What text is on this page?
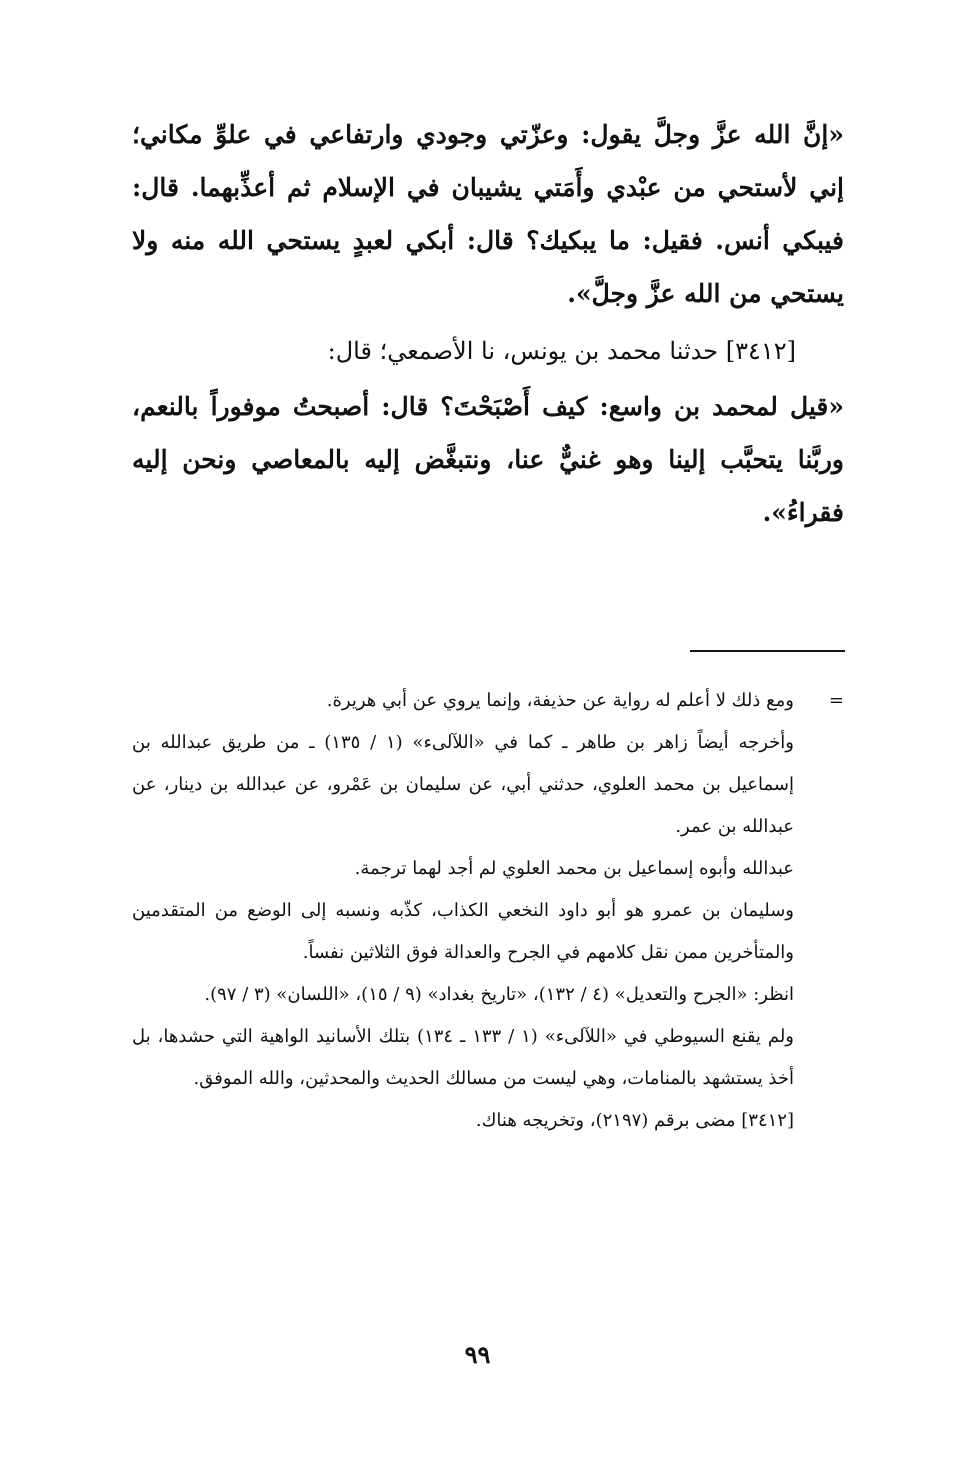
«إنَّ الله عزَّ وجلَّ يقول: وعزّتي وجودي وارتفاعي في علوِّ مكاني؛ إني لأستحي من عبْدي وأَمَتي يشيبان في الإسلام ثم أعذِّبهما. قال: فيبكي أنس. فقيل: ما يبكيك؟ قال: أبكي لعبدٍ يستحي الله منه ولا يستحي من الله عزَّ وجلَّ».

[٣٤١٢] حدثنا محمد بن يونس، نا الأصمعي؛ قال:

«قيل لمحمد بن واسع: كيف أَصْبَحْتَ؟ قال: أصبحتُ موفوراً بالنعم، وربَّنا يتحبَّب إلينا وهو غنيٌّ عنا، ونتبغَّض إليه بالمعاصي ونحن إليه فقراءُ».

=

ومع ذلك لا أعلم له رواية عن حذيفة، وإنما يروي عن أبي هريرة.

وأخرجه أيضاً زاهر بن طاهر ـ كما في «اللآلىء» (١ / ١٣٥) ـ من طريق عبدالله بن إسماعيل بن محمد العلوي، حدثني أبي، عن سليمان بن عَمْرو، عن عبدالله بن دينار، عن عبدالله بن عمر.

عبدالله وأبوه إسماعيل بن محمد العلوي لم أجد لهما ترجمة.

وسليمان بن عمرو هو أبو داود النخعي الكذاب، كذّبه ونسبه إلى الوضع من المتقدمين والمتأخرين ممن نقل كلامهم في الجرح والعدالة فوق الثلاثين نفساً.

انظر: «الجرح والتعديل» (٤ / ١٣٢)، «تاريخ بغداد» (٩ / ١٥)، «اللسان» (٣ / ٩٧).

ولم يقنع السيوطي في «اللآلىء» (١ / ١٣٣ ـ ١٣٤) بتلك الأسانيد الواهية التي حشدها، بل أخذ يستشهد بالمنامات، وهي ليست من مسالك الحديث والمحدثين، والله الموفق.

[٣٤١٢] مضى برقم (٢١٩٧)، وتخريجه هناك.

٩٩
